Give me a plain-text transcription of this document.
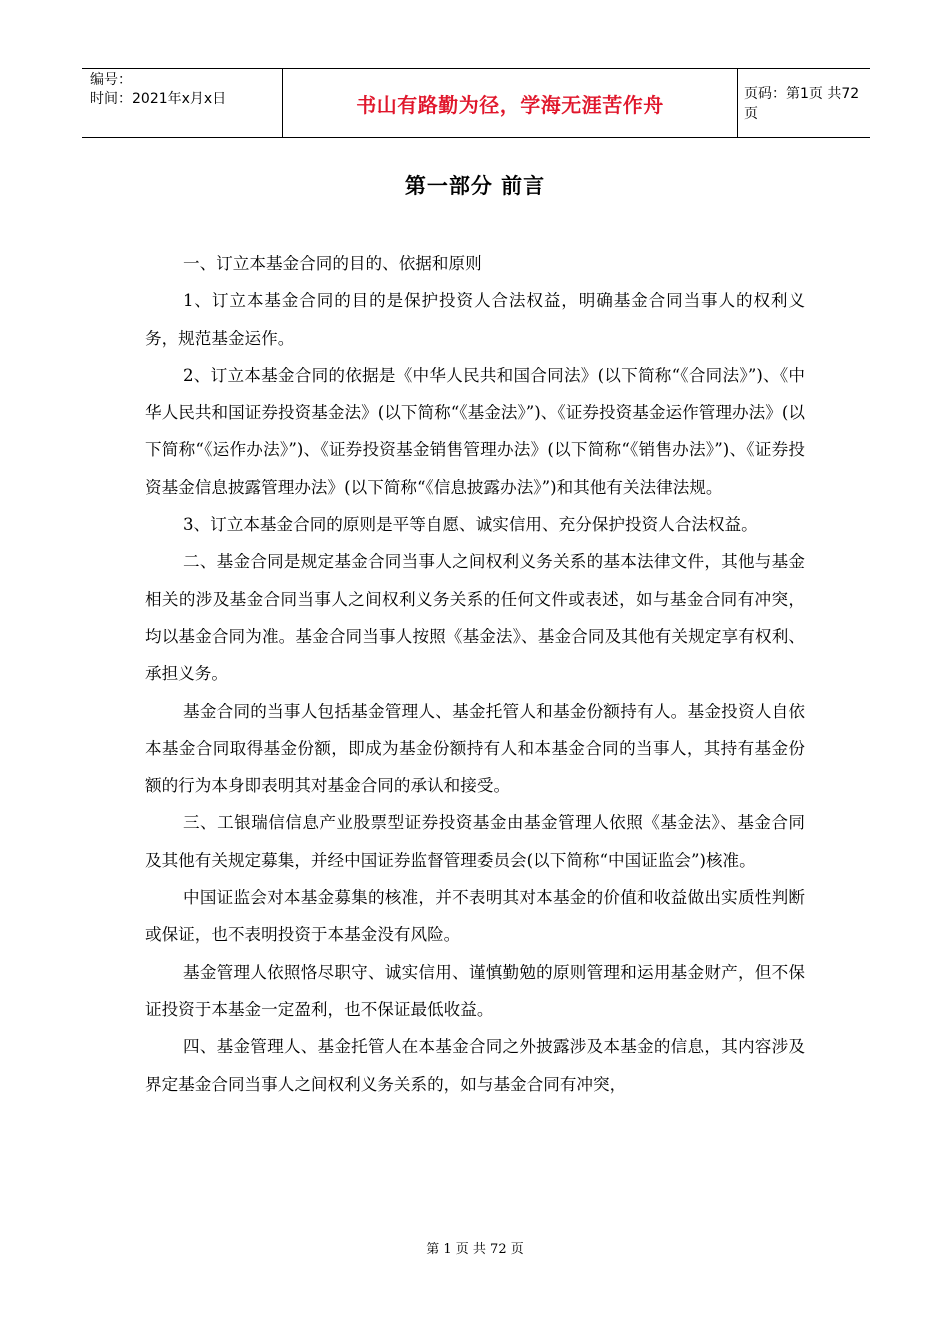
编号：
时间：2021年x月x日	书山有路勤为径，学海无涯苦作舟	页码：第1页 共72页
第一部分 前言

一、订立本基金合同的目的、依据和原则

1、订立本基金合同的目的是保护投资人合法权益，明确基金合同当事人的权利义务，规范基金运作。

2、订立本基金合同的依据是《中华人民共和国合同法》(以下简称“《合同法》”)、《中华人民共和国证券投资基金法》(以下简称“《基金法》”)、《证券投资基金运作管理办法》(以下简称“《运作办法》”)、《证券投资基金销售管理办法》(以下简称“《销售办法》”)、《证券投资基金信息披露管理办法》(以下简称“《信息披露办法》”)和其他有关法律法规。

3、订立本基金合同的原则是平等自愿、诚实信用、充分保护投资人合法权益。

二、基金合同是规定基金合同当事人之间权利义务关系的基本法律文件，其他与基金相关的涉及基金合同当事人之间权利义务关系的任何文件或表述，如与基金合同有冲突，均以基金合同为准。基金合同当事人按照《基金法》、基金合同及其他有关规定享有权利、承担义务。

基金合同的当事人包括基金管理人、基金托管人和基金份额持有人。基金投资人自依本基金合同取得基金份额，即成为基金份额持有人和本基金合同的当事人，其持有基金份额的行为本身即表明其对基金合同的承认和接受。

三、工银瑞信信息产业股票型证券投资基金由基金管理人依照《基金法》、基金合同及其他有关规定募集，并经中国证券监督管理委员会(以下简称“中国证监会”)核准。

中国证监会对本基金募集的核准，并不表明其对本基金的价值和收益做出实质性判断或保证，也不表明投资于本基金没有风险。

基金管理人依照恪尽职守、诚实信用、谨慎勤勉的原则管理和运用基金财产，但不保证投资于本基金一定盈利，也不保证最低收益。

四、基金管理人、基金托管人在本基金合同之外披露涉及本基金的信息，其内容涉及界定基金合同当事人之间权利义务关系的，如与基金合同有冲突，

第 1 页 共 72 页
